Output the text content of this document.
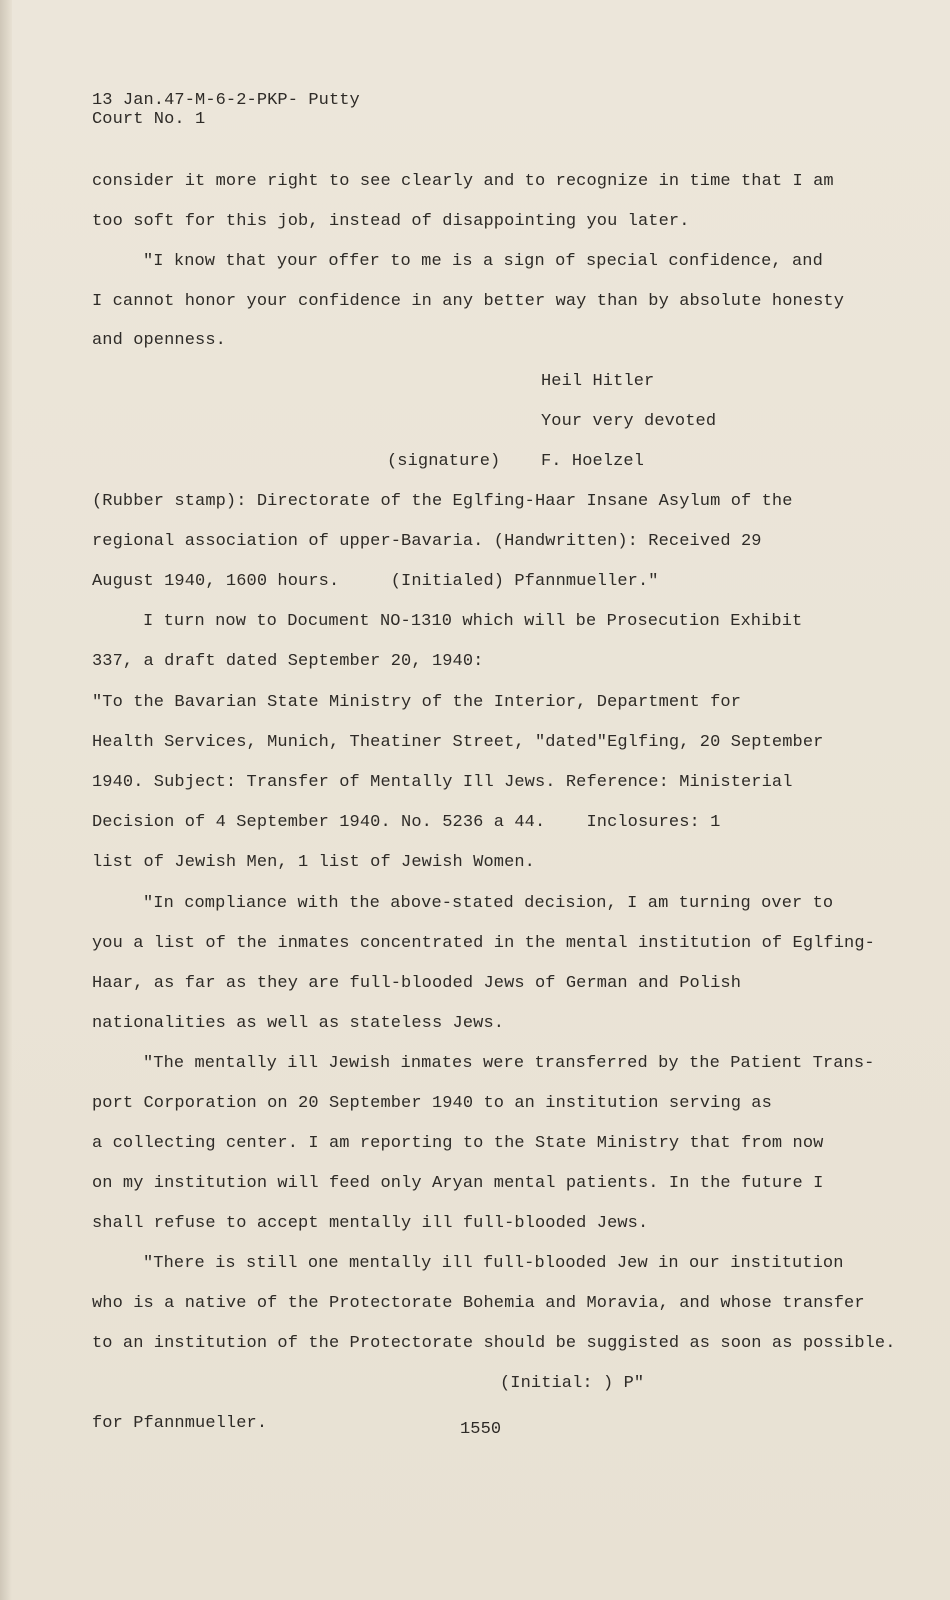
13 Jan.47-M-6-2-PKP- Putty
Court No. 1
consider it more right to see clearly and to recognize in time that I am
too soft for this job, instead of disappointing you later.
"I know that your offer to me is a sign of special confidence, and
I cannot honor your confidence in any better way than by absolute honesty
and openness.
Heil Hitler
Your very devoted
(signature) F. Hoelzel
(Rubber stamp): Directorate of the Eglfing-Haar Insane Asylum of the
regional association of upper-Bavaria. (Handwritten): Received 29
August 1940, 1600 hours.     (Initialed) Pfannmueller."
I turn now to Document NO-1310 which will be Prosecution Exhibit
337, a draft dated September 20, 1940:
"To the Bavarian State Ministry of the Interior, Department for
Health Services, Munich, Theatiner Street, "dated"Eglfing, 20 September
1940. Subject: Transfer of Mentally Ill Jews. Reference: Ministerial
Decision of 4 September 1940. No. 5236 a 44.    Inclosures: 1
list of Jewish Men, 1 list of Jewish Women.
"In compliance with the above-stated decision, I am turning over to
you a list of the inmates concentrated in the mental institution of Eglfing-
Haar, as far as they are full-blooded Jews of German and Polish
nationalities as well as stateless Jews.
"The mentally ill Jewish inmates were transferred by the Patient Trans-
port Corporation on 20 September 1940 to an institution serving as
a collecting center. I am reporting to the State Ministry that from now
on my institution will feed only Aryan mental patients. In the future I
shall refuse to accept mentally ill full-blooded Jews.
"There is still one mentally ill full-blooded Jew in our institution
who is a native of the Protectorate Bohemia and Moravia, and whose transfer
to an institution of the Protectorate should be suggisted as soon as possible.
(Initial: ) P"
for Pfannmueller.	1550
